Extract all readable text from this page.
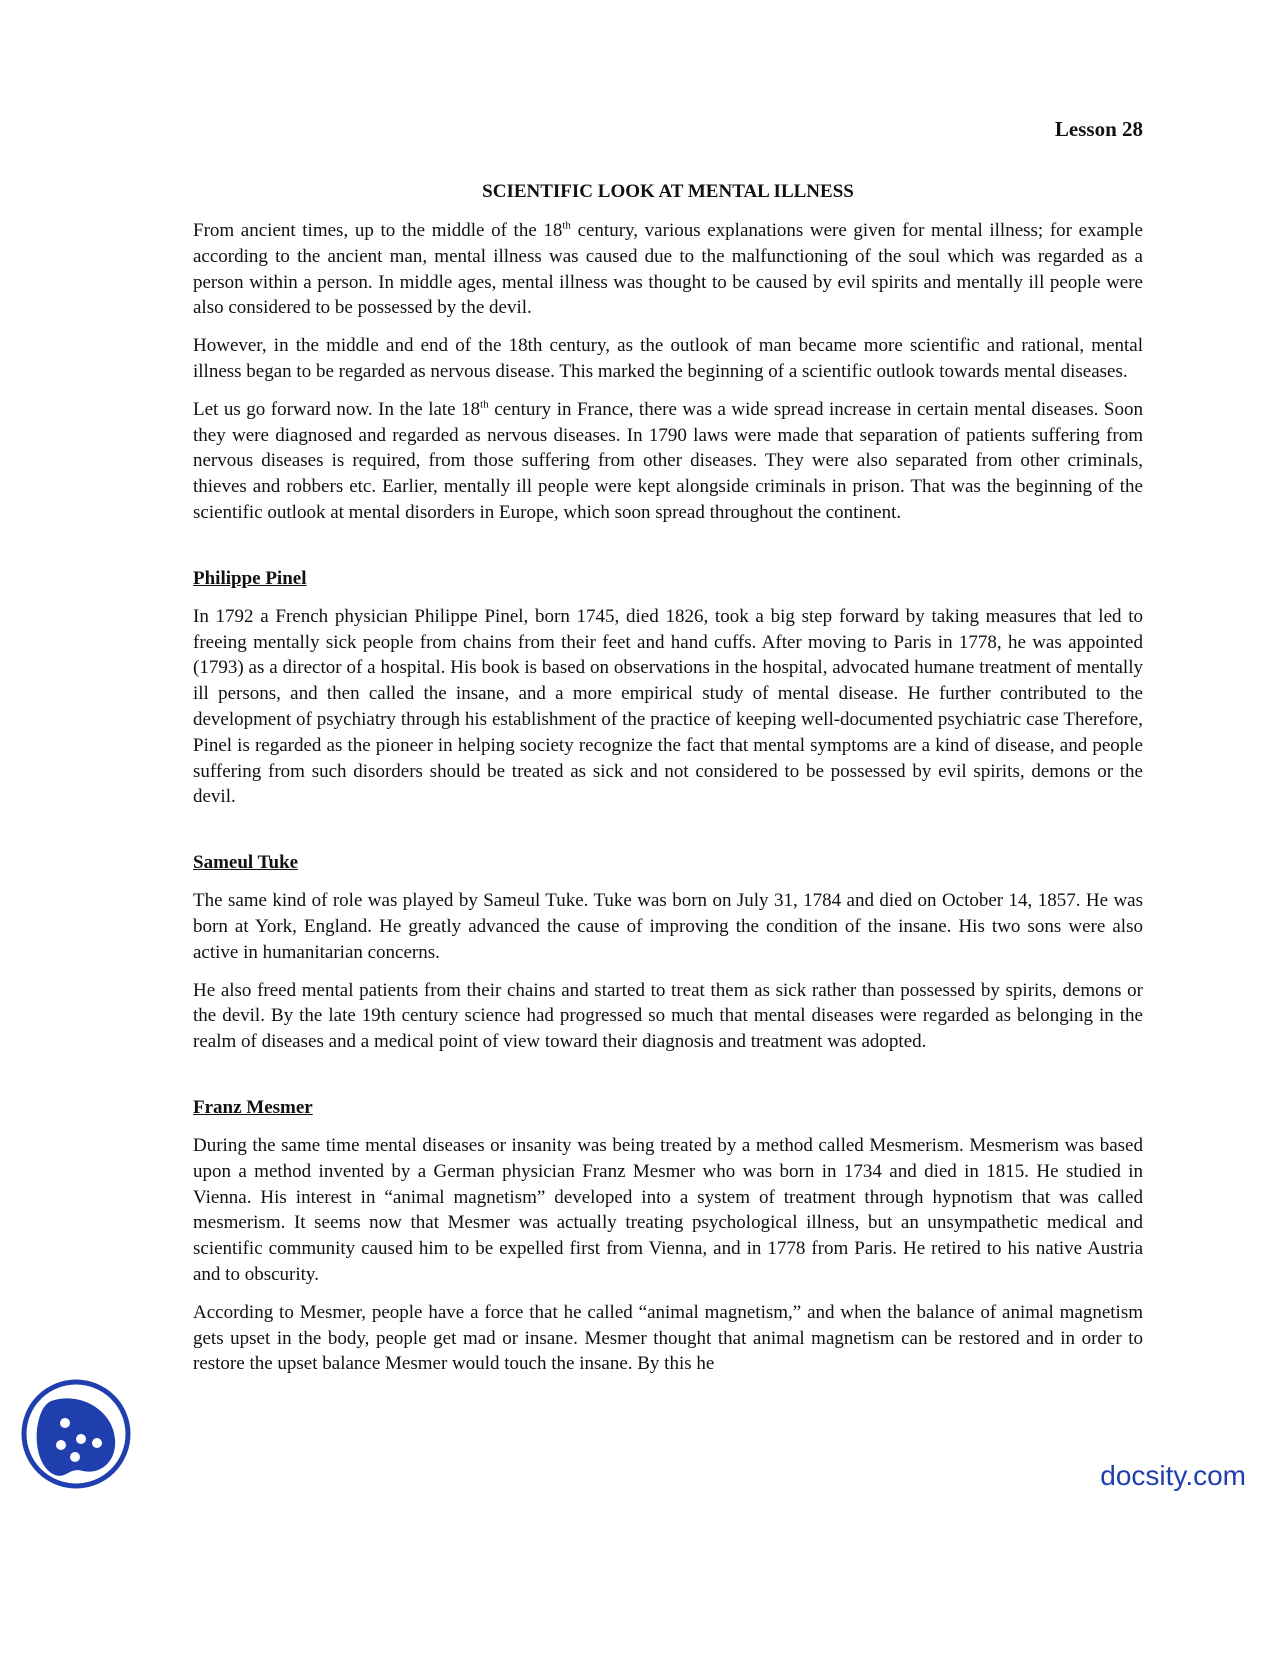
Lesson 28
SCIENTIFIC LOOK AT MENTAL ILLNESS

From ancient times, up to the middle of the 18th century, various explanations were given for mental illness; for example according to the ancient man, mental illness was caused due to the malfunctioning of the soul which was regarded as a person within a person. In middle ages, mental illness was thought to be caused by evil spirits and mentally ill people were also considered to be possessed by the devil.

However, in the middle and end of the 18th century, as the outlook of man became more scientific and rational, mental illness began to be regarded as nervous disease. This marked the beginning of a scientific outlook towards mental diseases.

Let us go forward now. In the late 18th century in France, there was a wide spread increase in certain mental diseases. Soon they were diagnosed and regarded as nervous diseases. In 1790 laws were made that separation of patients suffering from nervous diseases is required, from those suffering from other diseases. They were also separated from other criminals, thieves and robbers etc. Earlier, mentally ill people were kept alongside criminals in prison. That was the beginning of the scientific outlook at mental disorders in Europe, which soon spread throughout the continent.

Philippe Pinel

In 1792 a French physician Philippe Pinel, born 1745, died 1826, took a big step forward by taking measures that led to freeing mentally sick people from chains from their feet and hand cuffs. After moving to Paris in 1778, he was appointed (1793) as a director of a hospital. His book is based on observations in the hospital, advocated humane treatment of mentally ill persons, and then called the insane, and a more empirical study of mental disease. He further contributed to the development of psychiatry through his establishment of the practice of keeping well-documented psychiatric case Therefore, Pinel is regarded as the pioneer in helping society recognize the fact that mental symptoms are a kind of disease, and people suffering from such disorders should be treated as sick and not considered to be possessed by evil spirits, demons or the devil.

Sameul Tuke

The same kind of role was played by Sameul Tuke. Tuke was born on July 31, 1784 and died on October 14, 1857. He was born at York, England. He greatly advanced the cause of improving the condition of the insane. His two sons were also active in humanitarian concerns.

He also freed mental patients from their chains and started to treat them as sick rather than possessed by spirits, demons or the devil. By the late 19th century science had progressed so much that mental diseases were regarded as belonging in the realm of diseases and a medical point of view toward their diagnosis and treatment was adopted.

Franz Mesmer

During the same time mental diseases or insanity was being treated by a method called Mesmerism. Mesmerism was based upon a method invented by a German physician Franz Mesmer who was born in 1734 and died in 1815. He studied in Vienna. His interest in “animal magnetism” developed into a system of treatment through hypnotism that was called mesmerism. It seems now that Mesmer was actually treating psychological illness, but an unsympathetic medical and scientific community caused him to be expelled first from Vienna, and in 1778 from Paris. He retired to his native Austria and to obscurity.

According to Mesmer, people have a force that he called “animal magnetism,” and when the balance of animal magnetism gets upset in the body, people get mad or insane. Mesmer thought that animal magnetism can be restored and in order to restore the upset balance Mesmer would touch the insane. By this he

docsity.com
